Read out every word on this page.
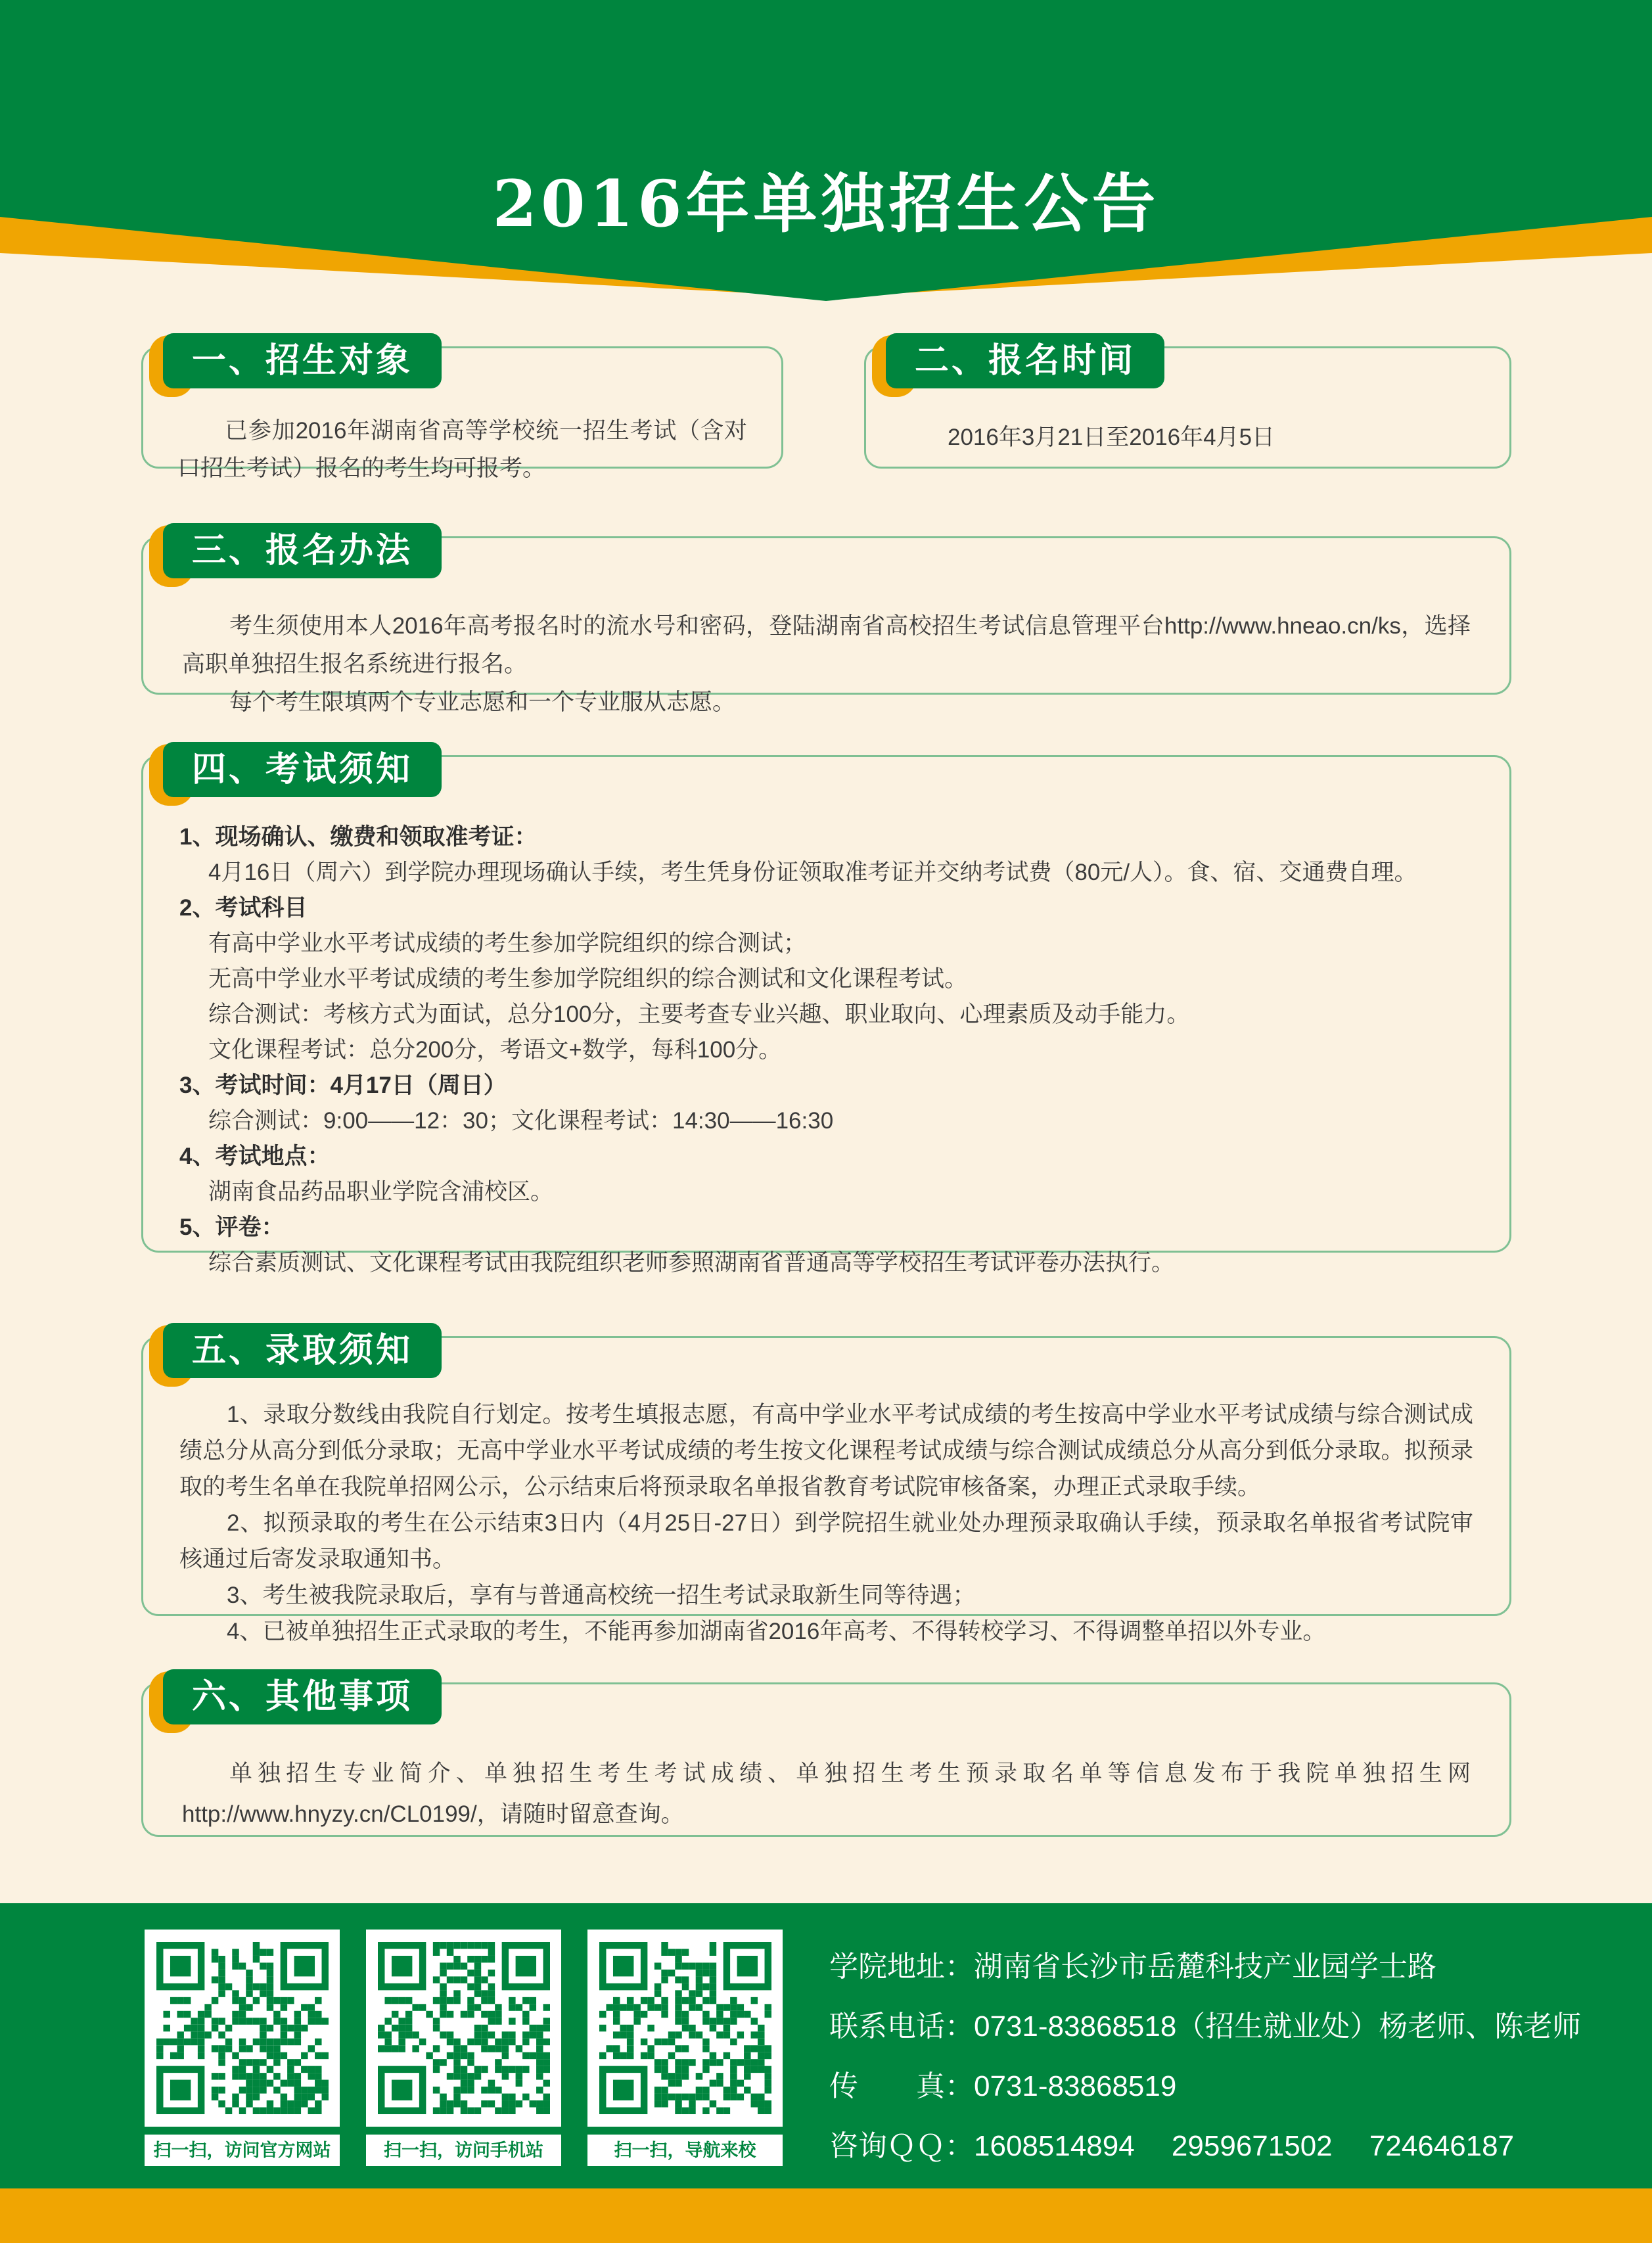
2016年单独招生公告
一、招生对象

已参加2016年湖南省高等学校统一招生考试（含对口招生考试）报名的考生均可报考。

二、报名时间

2016年3月21日至2016年4月5日

三、报名办法

考生须使用本人2016年高考报名时的流水号和密码，登陆湖南省高校招生考试信息管理平台http://www.hneao.cn/ks，选择高职单独招生报名系统进行报名。

每个考生限填两个专业志愿和一个专业服从志愿。

四、考试须知

1、现场确认、缴费和领取准考证：

4月16日（周六）到学院办理现场确认手续，考生凭身份证领取准考证并交纳考试费（80元/人）。食、宿、交通费自理。

2、考试科目

有高中学业水平考试成绩的考生参加学院组织的综合测试；

无高中学业水平考试成绩的考生参加学院组织的综合测试和文化课程考试。

综合测试：考核方式为面试，总分100分，主要考查专业兴趣、职业取向、心理素质及动手能力。

文化课程考试：总分200分，考语文+数学，每科100分。

3、考试时间：4月17日（周日）

综合测试：9:00——12：30；文化课程考试：14:30——16:30

4、考试地点：

湖南食品药品职业学院含浦校区。

5、评卷：

综合素质测试、文化课程考试由我院组织老师参照湖南省普通高等学校招生考试评卷办法执行。

五、录取须知

1、录取分数线由我院自行划定。按考生填报志愿，有高中学业水平考试成绩的考生按高中学业水平考试成绩与综合测试成绩总分从高分到低分录取；无高中学业水平考试成绩的考生按文化课程考试成绩与综合测试成绩总分从高分到低分录取。拟预录取的考生名单在我院单招网公示，公示结束后将预录取名单报省教育考试院审核备案，办理正式录取手续。

2、拟预录取的考生在公示结束3日内（4月25日-27日）到学院招生就业处办理预录取确认手续，预录取名单报省考试院审核通过后寄发录取通知书。

3、考生被我院录取后，享有与普通高校统一招生考试录取新生同等待遇；

4、已被单独招生正式录取的考生，不能再参加湖南省2016年高考、不得转校学习、不得调整单招以外专业。

六、其他事项

单独招生专业简介、单独招生考生考试成绩、单独招生考生预录取名单等信息发布于我院单独招生网http://www.hnyzy.cn/CL0199/，请随时留意查询。

扫一扫，访问官方网站	扫一扫，访问手机站	扫一扫，导航来校
学院地址：湖南省长沙市岳麓科技产业园学士路
联系电话：0731-83868518（招生就业处）杨老师、陈老师
传　　真：0731-83868519
咨询ＱＱ：1608514894　 2959671502　 724646187
